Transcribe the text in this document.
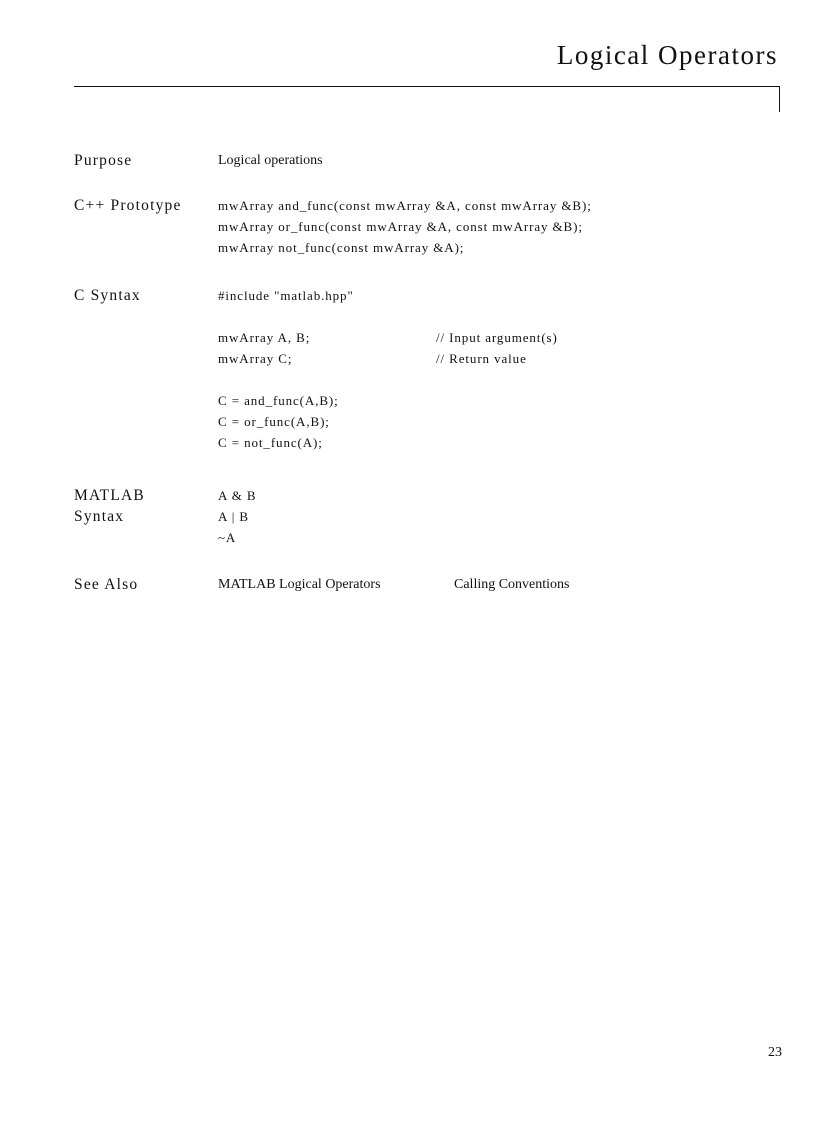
Logical Operators
Purpose	Logical operations
C++ Prototype	mwArray and_func(const mwArray &A, const mwArray &B);
mwArray or_func(const mwArray &A, const mwArray &B);
mwArray not_func(const mwArray &A);
C Syntax	#include "matlab.hpp"
mwArray A, B;	// Input argument(s)
mwArray C;	// Return value
C = and_func(A,B);
C = or_func(A,B);
C = not_func(A);
MATLAB
Syntax
A & B
A | B
~A
See Also	MATLAB Logical Operators	Calling Conventions
23
